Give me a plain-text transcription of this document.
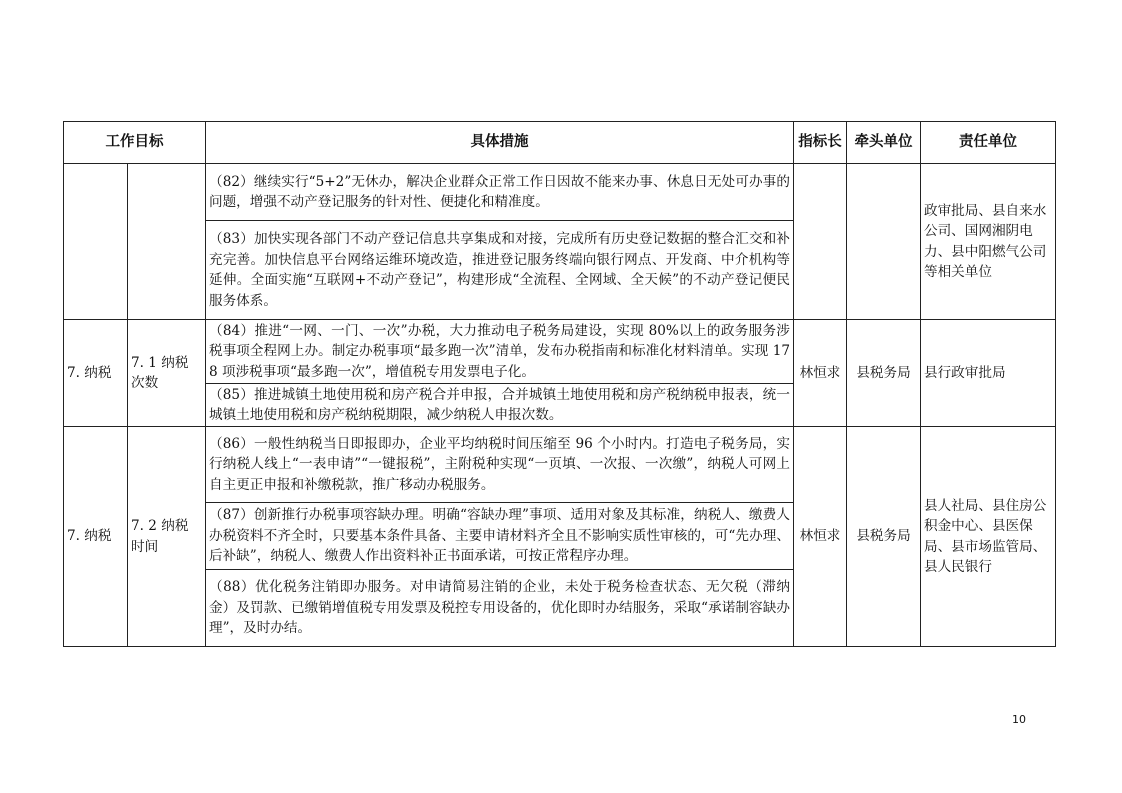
工作目标		具体措施	指标长	牵头单位	责任单位
		（82）继续实行“5+2”无休办，解决企业群众正常工作日因故不能来办事、休息日无处可办事的问题，增强不动产登记服务的针对性、便捷化和精准度。			政审批局、县自来水公司、国网湘阴电力、县中阳燃气公司等相关单位
		（83）加快实现各部门不动产登记信息共享集成和对接，完成所有历史登记数据的整合汇交和补充完善。加快信息平台网络运维环境改造，推进登记服务终端向银行网点、开发商、中介机构等延伸。全面实施“互联网+不动产登记”，构建形成“全流程、全网域、全天候”的不动产登记便民服务体系。			
7. 纳税	7. 1 纳税次数	（84）推进“一网、一门、一次”办税，大力推动电子税务局建设，实现 80%以上的政务服务涉税事项全程网上办。制定办税事项“最多跑一次”清单，发布办税指南和标准化材料清单。实现 178 项涉税事项“最多跑一次”，增值税专用发票电子化。	林恒求	县税务局	县行政审批局
		（85）推进城镇土地使用税和房产税合并申报，合并城镇土地使用税和房产税纳税申报表，统一城镇土地使用税和房产税纳税期限，减少纳税人申报次数。			
7. 纳税	7. 2 纳税时间	（86）一般性纳税当日即报即办，企业平均纳税时间压缩至 96 个小时内。打造电子税务局，实行纳税人线上“一表申请”“一键报税”，主附税种实现“一页填、一次报、一次缴”，纳税人可网上自主更正申报和补缴税款，推广移动办税服务。	林恒求	县税务局	县人社局、县住房公积金中心、县医保局、县市场监管局、县人民银行
		（87）创新推行办税事项容缺办理。明确“容缺办理”事项、适用对象及其标准，纳税人、缴费人办税资料不齐全时，只要基本条件具备、主要申请材料齐全且不影响实质性审核的，可“先办理、后补缺”，纳税人、缴费人作出资料补正书面承诺，可按正常程序办理。			
		（88）优化税务注销即办服务。对申请简易注销的企业，未处于税务检查状态、无欠税（滞纳金）及罚款、已缴销增值税专用发票及税控专用设备的，优化即时办结服务，采取“承诺制容缺办理”，及时办结。			
10
